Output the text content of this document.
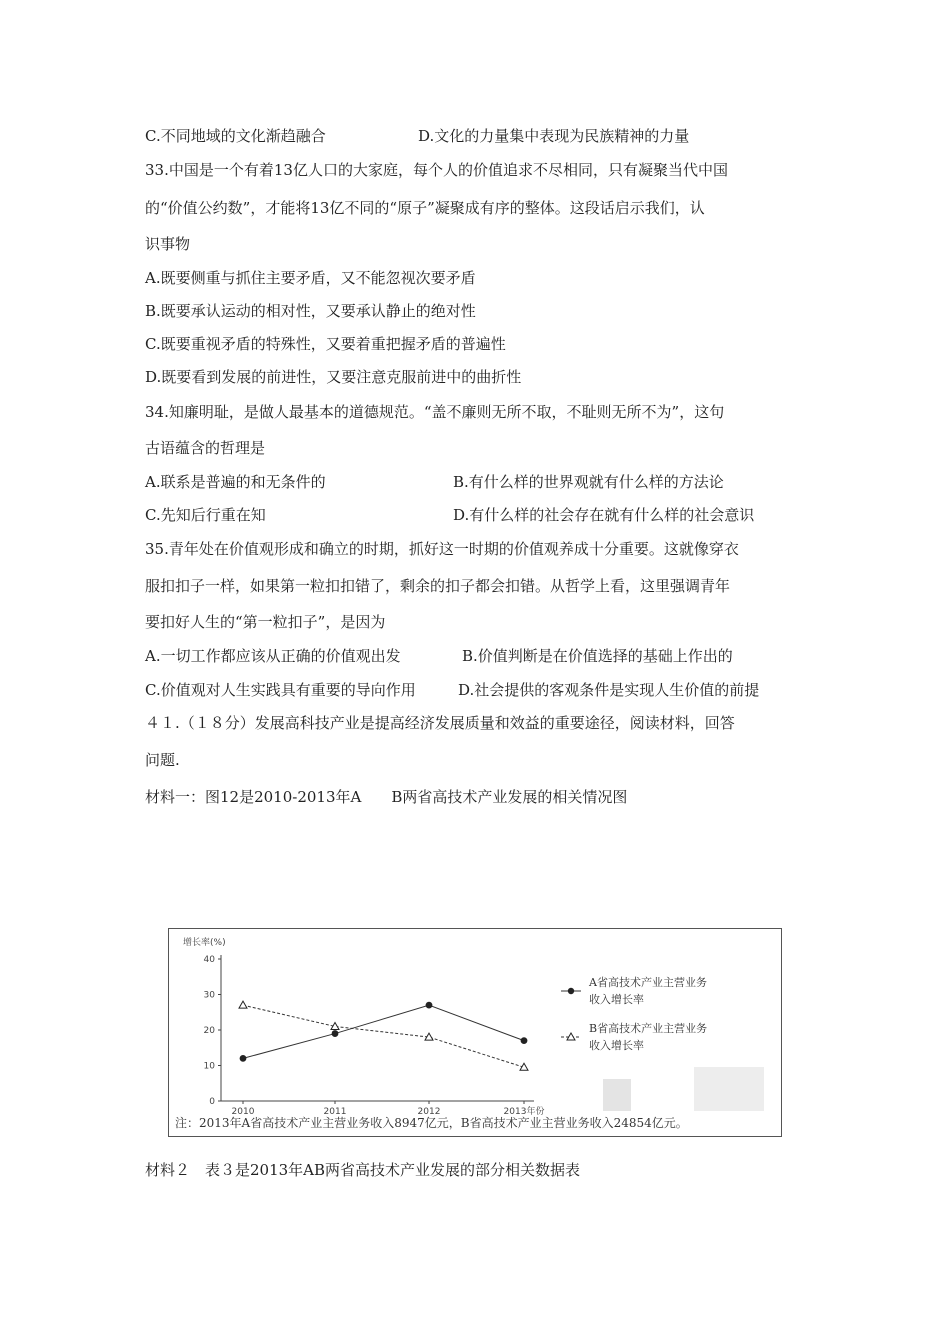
C.不同地域的文化渐趋融合	D.文化的力量集中表现为民族精神的力量
33.中国是一个有着13亿人口的大家庭，每个人的价值追求不尽相同，只有凝聚当代中国
的“价值公约数”，才能将13亿不同的“原子”凝聚成有序的整体。这段话启示我们，认
识事物
A.既要侧重与抓住主要矛盾，又不能忽视次要矛盾
B.既要承认运动的相对性，又要承认静止的绝对性
C.既要重视矛盾的特殊性，又要着重把握矛盾的普遍性
D.既要看到发展的前进性，又要注意克服前进中的曲折性
34.知廉明耻，是做人最基本的道德规范。“盖不廉则无所不取，不耻则无所不为”，这句
古语蕴含的哲理是
A.联系是普遍的和无条件的	B.有什么样的世界观就有什么样的方法论
C.先知后行重在知	D.有什么样的社会存在就有什么样的社会意识
35.青年处在价值观形成和确立的时期，抓好这一时期的价值观养成十分重要。这就像穿衣
服扣扣子一样，如果第一粒扣扣错了，剩余的扣子都会扣错。从哲学上看，这里强调青年
要扣好人生的“第一粒扣子”，是因为
A.一切工作都应该从正确的价值观出发	B.价值判断是在价值选择的基础上作出的
C.价值观对人生实践具有重要的导向作用	D.社会提供的客观条件是实现人生价值的前提
４１.（１８分）发展高科技产业是提高经济发展质量和效益的重要途径，阅读材料，回答
问题.
材料一：图12是2010-2013年A　　B两省高技术产业发展的相关情况图
增长率(%)
0
10
20
30
40
2010	2011	2012	2013年份
A省高技术产业主营业务
收入增长率
B省高技术产业主营业务
收入增长率
注：2013年A省高技术产业主营业务收入8947亿元，B省高技术产业主营业务收入24854亿元。
材料２　表３是2013年AB两省高技术产业发展的部分相关数据表
